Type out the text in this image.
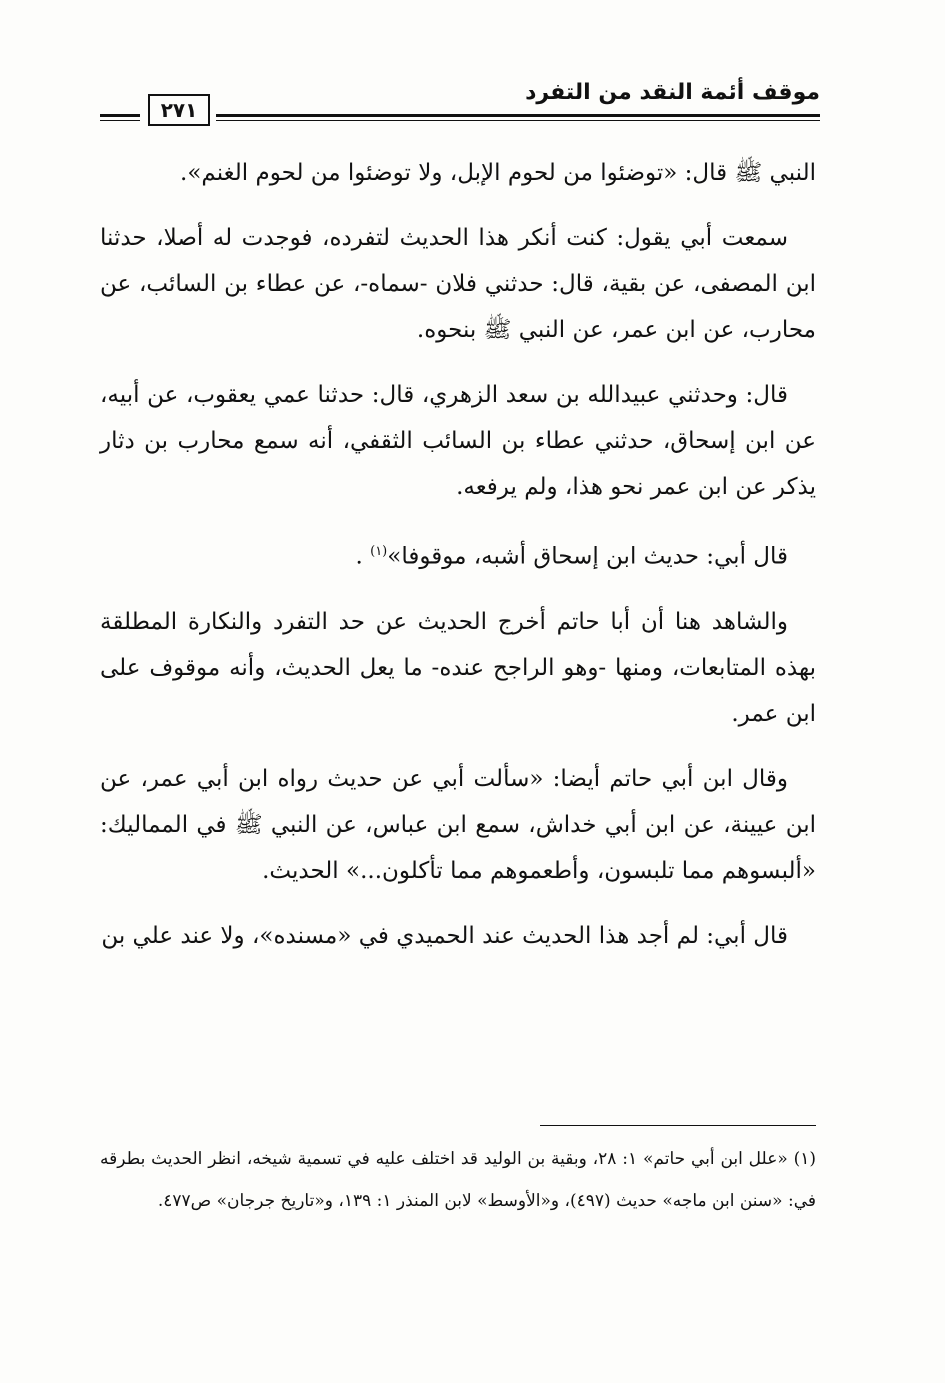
٢٧١
موقف أئمة النقد من التفرد

النبي ﷺ قال: «توضئوا من لحوم الإبل، ولا توضئوا من لحوم الغنم».

سمعت أبي يقول: كنت أنكر هذا الحديث لتفرده، فوجدت له أصلا، حدثنا ابن المصفى، عن بقية، قال: حدثني فلان -سماه-، عن عطاء بن السائب، عن محارب، عن ابن عمر، عن النبي ﷺ بنحوه.

قال: وحدثني عبيدالله بن سعد الزهري، قال: حدثنا عمي يعقوب، عن أبيه، عن ابن إسحاق، حدثني عطاء بن السائب الثقفي، أنه سمع محارب بن دثار يذكر عن ابن عمر نحو هذا، ولم يرفعه.

قال أبي: حديث ابن إسحاق أشبه، موقوفا»$^{(١)}$ .

والشاهد هنا أن أبا حاتم أخرج الحديث عن حد التفرد والنكارة المطلقة بهذه المتابعات، ومنها -وهو الراجح عنده- ما يعل الحديث، وأنه موقوف على ابن عمر.

وقال ابن أبي حاتم أيضا: «سألت أبي عن حديث رواه ابن أبي عمر، عن ابن عيينة، عن ابن أبي خداش، سمع ابن عباس، عن النبي ﷺ في المماليك: «ألبسوهم مما تلبسون، وأطعموهم مما تأكلون...» الحديث.

قال أبي: لم أجد هذا الحديث عند الحميدي في «مسنده»، ولا عند علي بن

(١) «علل ابن أبي حاتم» ١: ٢٨، وبقية بن الوليد قد اختلف عليه في تسمية شيخه، انظر الحديث بطرقه في: «سنن ابن ماجه» حديث (٤٩٧)، و«الأوسط» لابن المنذر ١: ١٣٩، و«تاريخ جرجان» ص٤٧٧.
